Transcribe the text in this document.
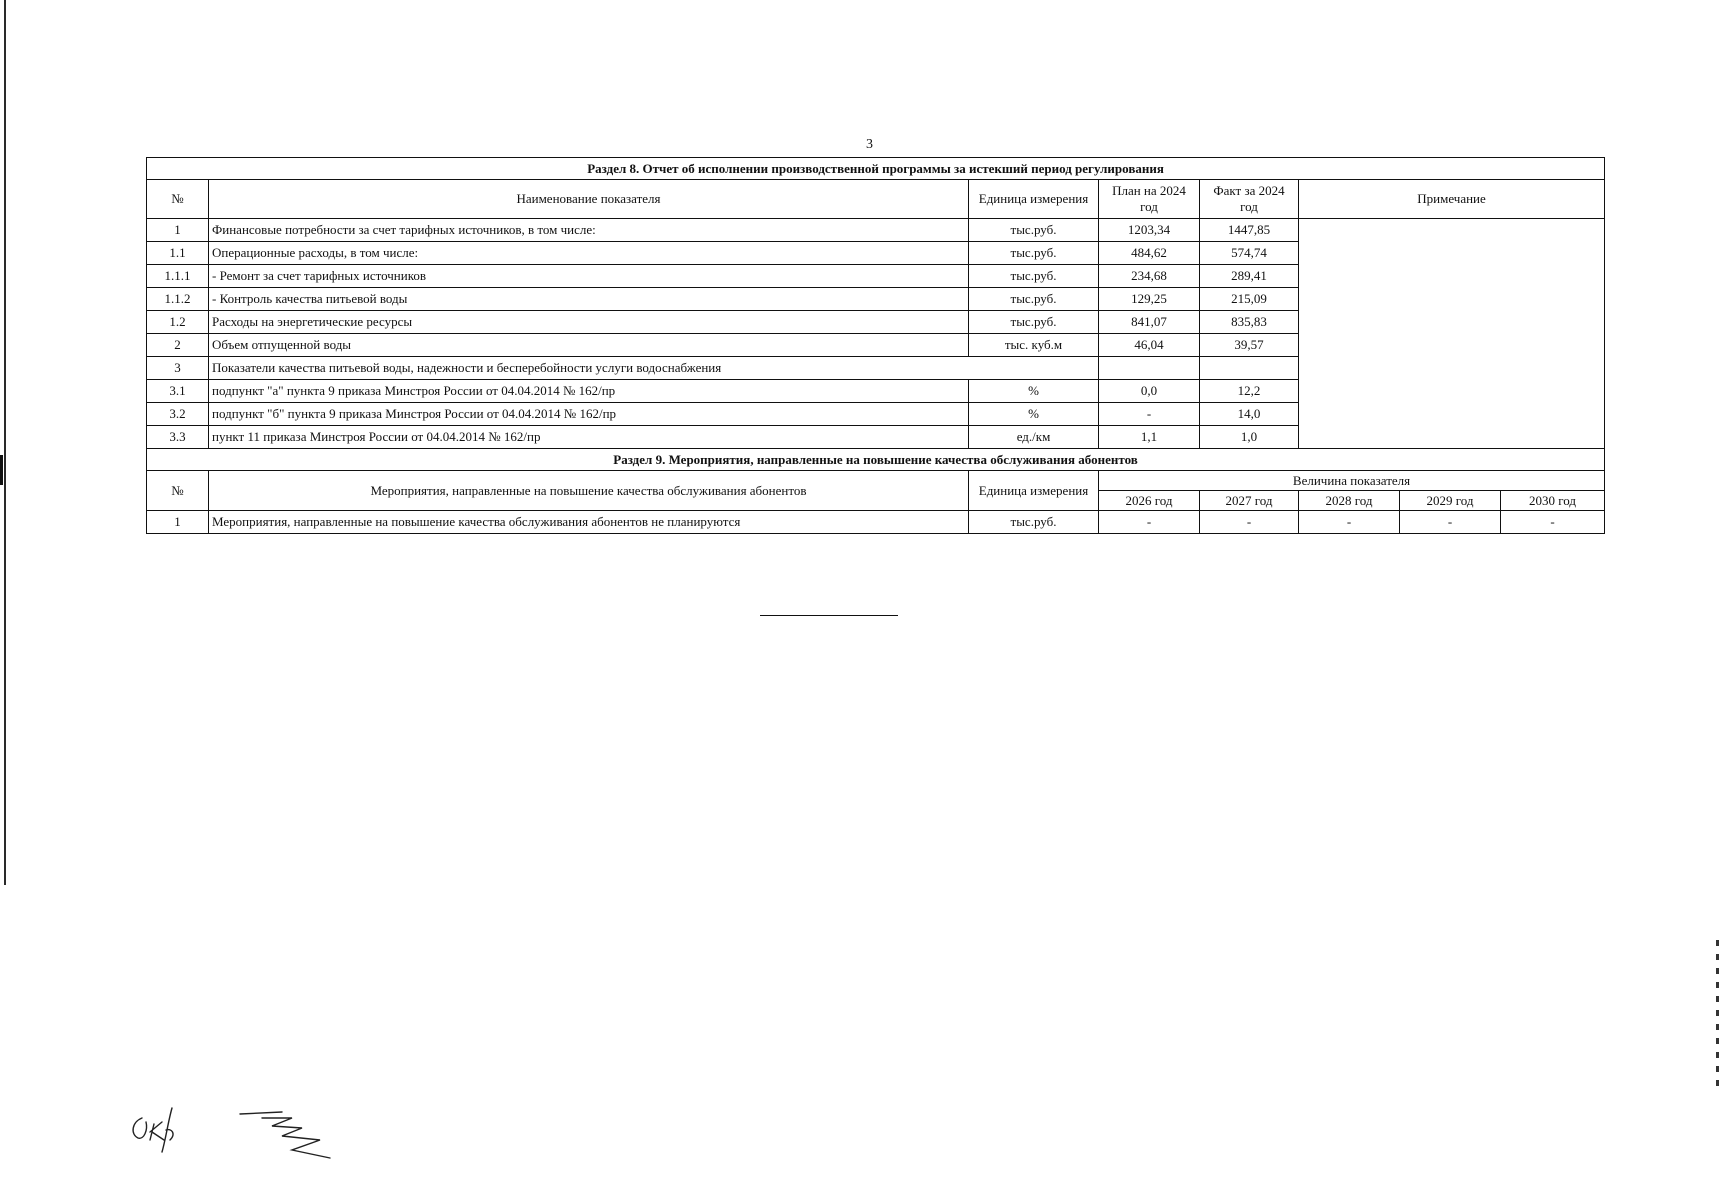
3
Раздел 8. Отчет об исполнении производственной программы за истекший период регулирования							
№	Наименование показателя	Единица измерения	План на 2024 год	Факт за 2024 год	Примечание		
1	Финансовые потребности за счет тарифных источников, в том числе:	тыс.руб.	1203,34	1447,85			
1.1	Операционные расходы, в том числе:	тыс.руб.	484,62	574,74			
1.1.1	- Ремонт за счет тарифных источников	тыс.руб.	234,68	289,41			
1.1.2	- Контроль качества питьевой воды	тыс.руб.	129,25	215,09			
1.2	Расходы на энергетические ресурсы	тыс.руб.	841,07	835,83			
2	Объем отпущенной воды	тыс. куб.м	46,04	39,57			
3	Показатели качества питьевой воды, надежности и бесперебойности услуги водоснабжения						
3.1	подпункт "а" пункта 9 приказа Минстроя России от 04.04.2014 № 162/пр	%	0,0	12,2			
3.2	подпункт "б" пункта 9 приказа Минстроя России от 04.04.2014 № 162/пр	%	-	14,0			
3.3	пункт 11 приказа Минстроя России от 04.04.2014 № 162/пр	ед./км	1,1	1,0			
Раздел 9. Мероприятия, направленные на повышение качества обслуживания абонентов							
№	Мероприятия, направленные на повышение качества обслуживания абонентов	Единица измерения	Величина показателя				
			2026 год	2027 год	2028 год	2029 год	2030 год
1	Мероприятия, направленные на повышение качества обслуживания абонентов не планируются	тыс.руб.	-	-	-	-	-
